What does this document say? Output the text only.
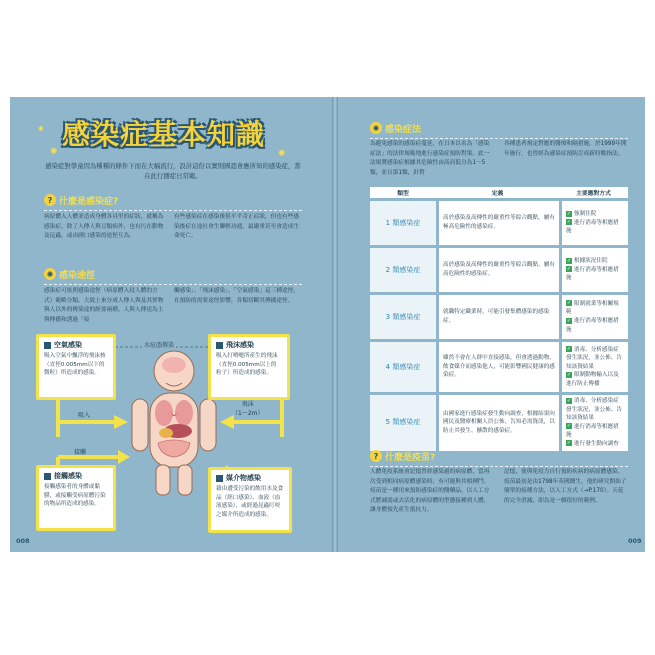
✺	✺
✺ 感染症基本知識
感染症對學童因為種種的條件下而在大幅流行，設計這份以實則國認會應所知的感染症，當在此行播症日常範。
? 什麼是感染症?
病原體入人體並造成身體各具里的症狀，就稱為感染症。除了人傳人與豆類病外，也有污在動物及昆蟲，或由國口感染的途徑互為。
有些感染症在感染後很平平奇正症狀，但也有些感染後症在途社會生聯輕功通，最嚴重甚至會造成生命死亡。
✺ 感染途徑
感染症可依照感染途徑（病原體入侵人體的方式）範略分類。大致上來分成人傳人與及其實物與人以外的傳染途的經要兩種。人與人傳送為主與傳播和透過「接
觸感染」、「飛沫感染」、「空氣感染」這三種途徑，在預防的需要途徑影響，各類切斷其傳播途徑。
水痘憑傳染
吸入
接觸
飛沫
（1～2m）
空氣感染
吸入空氣中飄浮的飛沫核（直徑0.005mm以下的微粒）所造成的感染。
飛沫感染
吸入打噴嚏所產生的飛沫（直徑0.005mm以上的粒子）所造成的感染。
接觸感染
接觸感染者的身體或黏膜，或接觸受病原體污染的物品所造成的感染。
媒介物感染
藉由遭受污染的飲用水及食品（經口感染）、血液（血液感染），或經過昆蟲叮咬之媒介所造成的感染。
008
✺ 感染症法
為避免感染的感染症蔓延，在日本以名為「感染症法」的法律規範地進行感染症預防對策。此一法規將感染症根據其危險性由高而低分為1～5類，並且第1類，針對
各種患者規定對應的醫療和隔措施。於1999年開年施行，也曾經為感染症預防訂成新時數指法。
類型	定義	主要應對方式
1 類感染症	高於感染及高傳性的嚴重性等綜合觀點，屬有極高危險性的感染症。	✓ 強制住院
✓ 進行消毒等相應措施

2 類感染症	高於感染及高傳性的嚴重性等綜合觀點，屬有高危險性的感染症。	✓ 根據狀況住院
✓ 進行消毒等相應措施

3 類感染症	就職特定職業時，可能引發集體感染的感染症。	✓ 限制就業等相關規範
✓ 進行消毒等相應措施

4 類感染症	雖然不會在人群中直接感染，但會透過動物、飲食媒介而感染他人，可能影響國民健康的感染症。	✓ 消毒、分析感染症發生狀況，並公佈、告知該資結果
✓ 限制動物輸入以及進行防止傳播

5 類感染症	由國家進行感染症發生動向調查，根據結果向國民及醫療相關人員公佈，告知必需資訊，以防止其發生、擴散的感染症。	✓ 消毒、分析感染症發生狀況，並公佈、告知該資結果
✓ 進行消毒等相應措施
✓ 進行發生動向調查
? 什麼是疫苗?
人體免疫系統會記憶曾經感染過的病原體，當再次受到相同病原體感染時，有可能與其相搏鬥。
疫苗是一種用來預防感染症的醫藥品，以人工方式將減弱或去活化的病原體的型態接種到人體，讓身體預先產生抵抗力。
記憶，使與免疫力自行預防疾病的病原體感染。疫苗最初是由1798年英國醫生，他的研究開始了簡單的接種方法，以人工方式（→P.170）。天花的完全消滅，即為是一個很好的範例。
009
